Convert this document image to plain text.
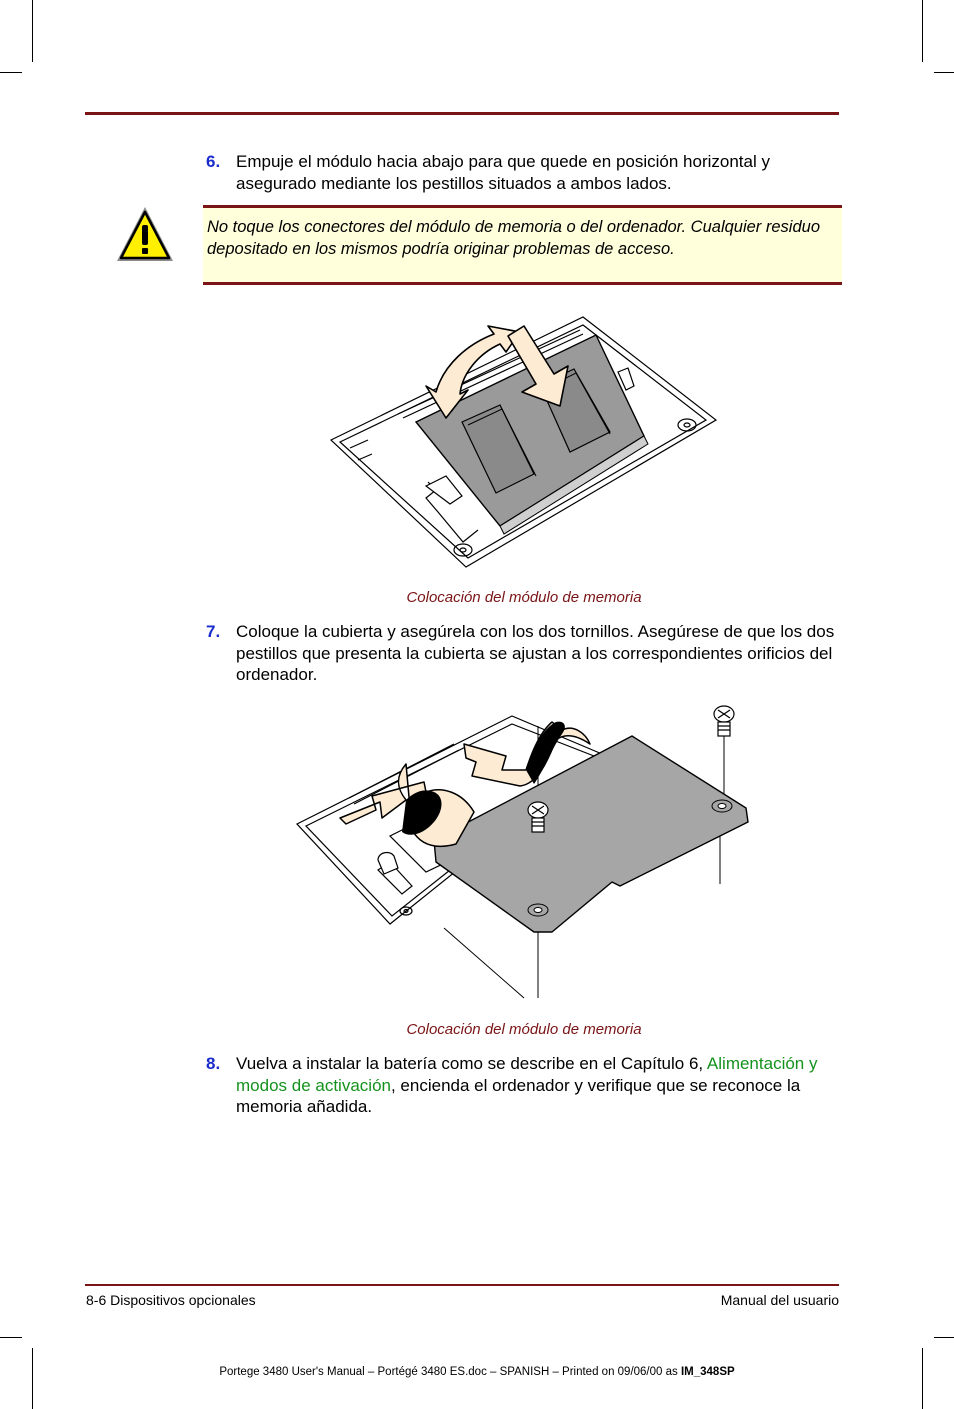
6. Empuje el módulo hacia abajo para que quede en posición horizontal y asegurado mediante los pestillos situados a ambos lados.
No toque los conectores del módulo de memoria o del ordenador. Cualquier residuo depositado en los mismos podría originar problemas de acceso.
Colocación del módulo de memoria
7. Coloque la cubierta y asegúrela con los dos tornillos. Asegúrese de que los dos pestillos que presenta la cubierta se ajustan a los correspondientes orificios del ordenador.
Colocación del módulo de memoria
8. Vuelva a instalar la batería como se describe en el Capítulo 6, Alimentación y modos de activación, encienda el ordenador y verifique que se reconoce la memoria añadida.
8-6 Dispositivos opcionales	Manual del usuario
Portege 3480 User's Manual – Portégé 3480 ES.doc – SPANISH – Printed on 09/06/00 as IM_348SP
